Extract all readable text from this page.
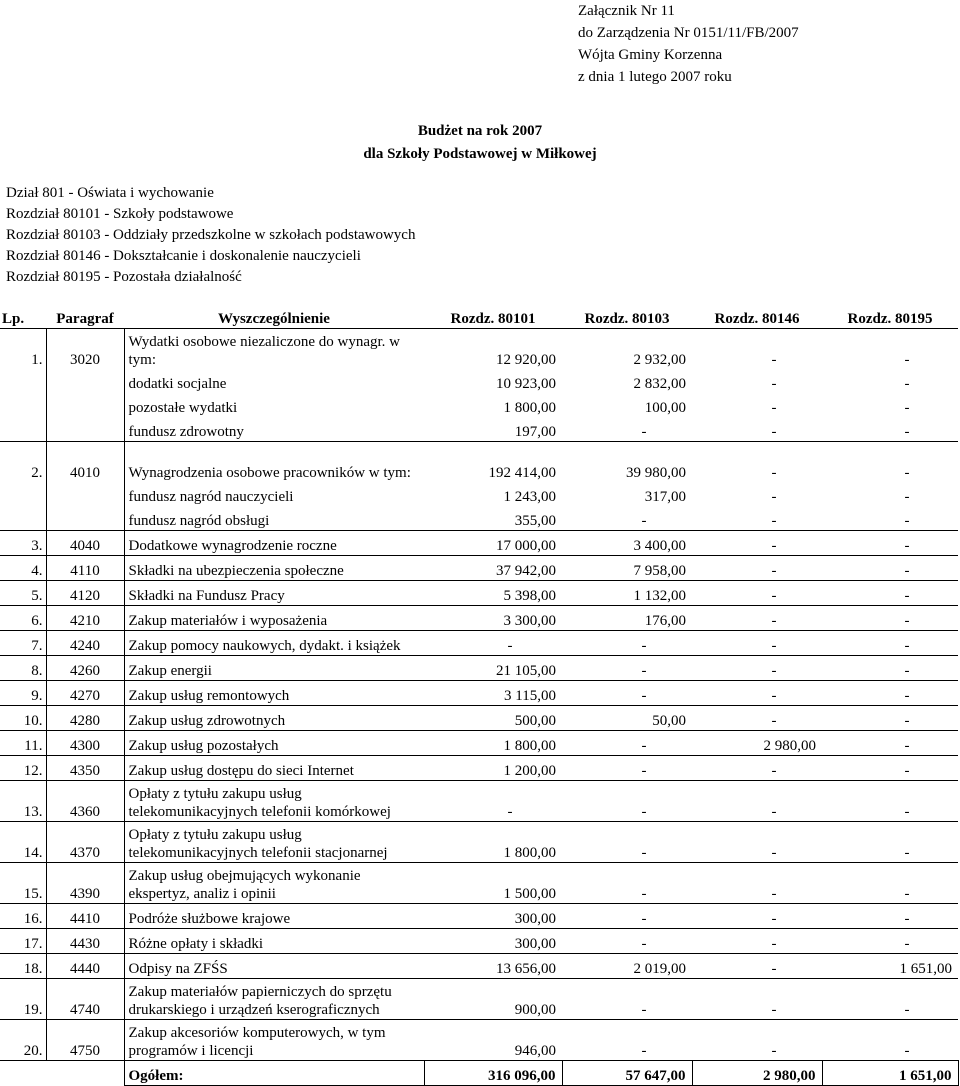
Załącznik Nr 11
do Zarządzenia Nr 0151/11/FB/2007
Wójta Gminy Korzenna
z dnia 1 lutego 2007 roku
Budżet na rok 2007
dla Szkoły Podstawowej w Miłkowej
Dział 801 - Oświata i wychowanie
Rozdział 80101 - Szkoły podstawowe
Rozdział 80103 - Oddziały przedszkolne w szkołach podstawowych
Rozdział 80146 - Dokształcanie i doskonalenie nauczycieli
Rozdział 80195 - Pozostała działalność
Lp.	Paragraf	Wyszczególnienie	Rozdz. 80101	Rozdz. 80103	Rozdz. 80146	Rozdz. 80195
1.	3020	Wydatki osobowe niezaliczone do wynagr. w tym:	12 920,00	2 932,00	-	-
		dodatki socjalne	10 923,00	2 832,00	-	-
		pozostałe wydatki	1 800,00	100,00	-	-
		fundusz zdrowotny	197,00	-	-	-
2.	4010	Wynagrodzenia osobowe pracowników w tym:	192 414,00	39 980,00	-	-
		fundusz nagród nauczycieli	1 243,00	317,00	-	-
		fundusz nagród obsługi	355,00	-	-	-
3.	4040	Dodatkowe wynagrodzenie roczne	17 000,00	3 400,00	-	-
4.	4110	Składki na ubezpieczenia społeczne	37 942,00	7 958,00	-	-
5.	4120	Składki na Fundusz Pracy	5 398,00	1 132,00	-	-
6.	4210	Zakup materiałów i wyposażenia	3 300,00	176,00	-	-
7.	4240	Zakup pomocy naukowych, dydakt. i książek	-	-	-	-
8.	4260	Zakup energii	21 105,00	-	-	-
9.	4270	Zakup usług remontowych	3 115,00	-	-	-
10.	4280	Zakup usług zdrowotnych	500,00	50,00	-	-
11.	4300	Zakup usług pozostałych	1 800,00	-	2 980,00	-
12.	4350	Zakup usług dostępu do sieci Internet	1 200,00	-	-	-
13.	4360	Opłaty z tytułu zakupu usług telekomunikacyjnych telefonii komórkowej	-	-	-	-
14.	4370	Opłaty z tytułu zakupu usług telekomunikacyjnych telefonii stacjonarnej	1 800,00	-	-	-
15.	4390	Zakup usług obejmujących wykonanie ekspertyz, analiz i opinii	1 500,00	-	-	-
16.	4410	Podróże służbowe krajowe	300,00	-	-	-
17.	4430	Różne opłaty i składki	300,00	-	-	-
18.	4440	Odpisy na ZFŚS	13 656,00	2 019,00	-	1 651,00
19.	4740	Zakup materiałów papierniczych do sprzętu drukarskiego i urządzeń kserograficznych	900,00	-	-	-
20.	4750	Zakup akcesoriów komputerowych, w tym programów i licencji	946,00	-	-	-
		Ogółem:	316 096,00	57 647,00	2 980,00	1 651,00
